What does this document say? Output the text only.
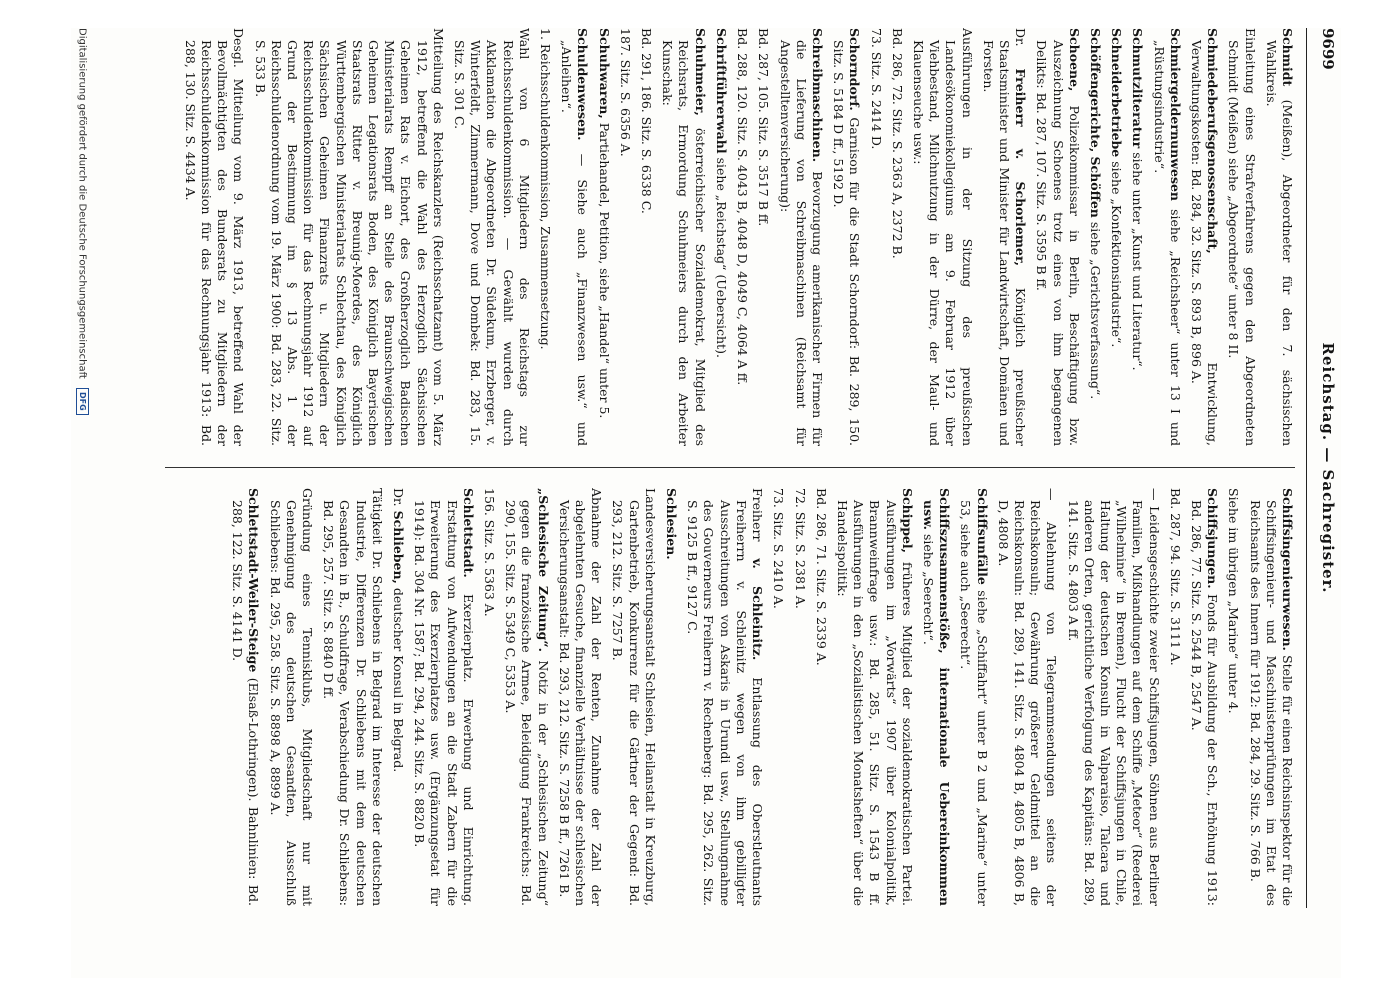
9699
Reichstag. — Sachregister.

Schmidt (Meißen), Abgeordneter für den 7. sächsischen Wahlkreis.

Einleitung eines Strafverfahrens gegen den Abgeordneten Schmidt (Meißen) siehe „Abgeordnete“ unter 8 II.

Schmiedeberufsgenossenschaft, Entwicklung, Verwaltungskosten: Bd. 284, 32. Sitz. S. 893 B, 896 A.

Schmiergeldernunwesen siehe „Reichsheer“ unter 13 I und „Rüstungsindustrie“.

Schmutzliteratur siehe unter „Kunst und Literatur“.

Schneiderbetriebe siehe „Konfektionsindustrie“.

Schöffengerichte, Schöffen siehe „Gerichtsverfassung“.

Schoene, Polizeikommissar in Berlin, Beschäftigung bzw. Auszeichnung Schoenes trotz eines von ihm begangenen Delikts: Bd. 287, 107. Sitz. S. 3595 B ff.

Dr. Freiherr v. Schorlemer, Königlich preußischer Staatsminister und Minister für Landwirtschaft, Domänen und Forsten.

Ausführungen in der Sitzung des preußischen Landesökonomiekollegiums am 9. Februar 1912 über Viehbestand, Milchnutzung in der Dürre, der Maul- und Klauenseuche usw.:

Bd. 286, 72. Sitz. S. 2363 A, 2372 B.

73. Sitz. S. 2414 D.

Schorndorf. Garnison für die Stadt Schorndorf: Bd. 289, 150. Sitz. S. 5184 D ff., 5192 D.

Schreibmaschinen. Bevorzugung amerikanischer Firmen für die Lieferung von Schreibmaschinen (Reichsamt für Angestelltenversicherung):

Bd. 287, 105. Sitz. S. 3517 B ff.

Bd. 288, 120. Sitz. S. 4043 B, 4048 D, 4049 C, 4064 A ff.

Schriftführerwahl siehe „Reichstag“ (Uebersicht).

Schuhmeier, österreichischer Sozialdemokrat, Mitglied des Reichsrats, Ermordung Schuhmeiers durch den Arbeiter Kunschak:

Bd. 291, 186. Sitz. S. 6338 C.

187. Sitz. S. 6356 A.

Schuhwaren, Partiehandel, Petition, siehe „Handel“ unter 5.

Schuldenwesen. — Siehe auch „Finanzwesen usw.“ und „Anleihen“.

1. Reichsschuldenkommission, Zusammensetzung.

Wahl von 6 Mitgliedern des Reichstags zur Reichsschuldenkommission. — Gewählt wurden durch Akklamation die Abgeordneten Dr. Südekum, Erzberger, v. Winterfeldt, Zimmermann, Dove und Dombek: Bd. 283, 15. Sitz. S. 301 C.

Mitteilung des Reichskanzlers (Reichsschatzamt) vom 5. März 1912, betreffend die Wahl des Herzoglich Sächsischen Geheimen Rats v. Eichort, des Großherzoglich Badischen Ministerialrats Rempff an Stelle des Braunschweigischen Geheimen Legationsrats Boden, des Königlich Bayerischen Staatsrats Ritter v. Breunig-Moerdes, des Königlich Württembergischen Ministerialrats Schlechtau, des Königlich Sächsischen Geheimen Finanzrats u. Mitgliedern der Reichsschuldenkommission für das Rechnungsjahr 1912 auf Grund der Bestimmung im § 13 Abs. 1 der Reichsschuldenordnung vom 19. März 1900: Bd. 283, 22. Sitz. S. 533 B.

Desgl. Mitteilung vom 9. März 1913, betreffend Wahl der Bevollmächtigten des Bundesrats zu Mitgliedern der Reichsschuldenkommission für das Rechnungsjahr 1913: Bd. 288, 130. Sitz. S. 4434 A.

Schiffsingenieurwesen. Stelle für einen Reichsinspektor für die Schiffsingenieur- und Maschinistenprüfungen im Etat des Reichsamts des Innern für 1912: Bd. 284, 29. Sitz. S. 766 B.

Siehe im übrigen „Marine“ unter 4.

Schiffsjungen. Fonds für Ausbildung der Sch., Erhöhung 1913: Bd. 286, 77. Sitz. S. 2544 B, 2547 A.

Bd. 287, 94. Sitz. S. 3111 A.

— Leidensgeschichte zweier Schiffsjungen, Söhnen aus Berliner Familien, Mißhandlungen auf dem Schiffe „Meteor“ (Reederei „Wilhelmine“ in Bremen), Flucht der Schiffsjungen in Chile, Haltung der deutschen Konsuln in Valparaiso, Talcara und anderen Orten, gerichtliche Verfolgung des Kapitäns: Bd. 289, 141. Sitz. S. 4803 A ff.

— Ablehnung von Telegrammsendungen seitens der Reichskonsuln; Gewährung größerer Geldmittel an die Reichskonsuln: Bd. 289, 141. Sitz. S. 4804 B, 4805 B, 4806 B, D, 4808 A.

Schiffsunfälle siehe „Schiffahrt“ unter B 2 und „Marine“ unter 53, siehe auch „Seerecht“.

Schiffszusammenstöße, internationale Uebereinkommen usw. siehe „Seerecht“.

Schippel, früheres Mitglied der sozialdemokratischen Partei. Ausführungen im „Vorwärts“ 1907 über Kolonialpolitik, Brannweinfrage usw.: Bd. 285, 51. Sitz. S. 1543 B ff. Ausführungen in den „Sozialistischen Monatsheften“ über die Handelspolitik:

Bd. 286, 71. Sitz. S. 2339 A.

72. Sitz. S. 2381 A.

73. Sitz. S. 2410 A.

Freiherr v. Schleinitz. Entlassung des Oberstleutnants Freiherrn v. Schleinitz wegen von ihm gebilligter Ausschreitungen von Askaris in Urundi usw., Stellungnahme des Gouverneurs Freiherrn v. Rechenberg: Bd. 295, 262. Sitz. S. 9125 B ff., 9127 C.

Schlesien.

Landesversicherungsanstalt Schlesien, Heilanstalt in Kreuzburg, Gartenbetrieb, Konkurrenz für die Gärtner der Gegend: Bd. 293, 212. Sitz. S. 7257 B.

Abnahme der Zahl der Renten, Zunahme der Zahl der abgelehnten Gesuche, finanzielle Verhältnisse der schlesischen Versicherungsanstalt: Bd. 293, 212. Sitz. S. 7258 B ff., 7261 B.

„Schlesische Zeitung“. Notiz in der „Schlesischen Zeitung“ gegen die französische Armee, Beleidigung Frankreichs: Bd. 290, 155. Sitz. S. 5349 C, 5353 A.

156. Sitz. S. 5363 A.

Schlettstadt. Exerzierplatz. Erwerbung und Einrichtung. Erstattung von Aufwendungen an die Stadt Zabern für die Erweiterung des Exerzierplatzes usw. (Ergänzungsetat für 1914): Bd. 304 Nr. 1587; Bd. 294, 244. Sitz. S. 8820 B.

Dr. Schlieben, deutscher Konsul in Belgrad.

Tätigkeit Dr. Schliebens in Belgrad im Interesse der deutschen Industrie, Differenzen Dr. Schliebens mit dem deutschen Gesandten in B., Schuldfrage, Verabschiedung Dr. Schliebens: Bd. 295, 257. Sitz. S. 8840 D ff.

Gründung eines Tennisklubs, Mitgliedschaft nur mit Genehmigung des deutschen Gesandten, Ausschluß Schliebens: Bd. 295, 258. Sitz. S. 8898 A, 8899 A.

Schlettstadt-Weiler-Steige (Elsaß-Lothringen). Bahnlinien: Bd. 288, 122. Sitz. S. 4141 D.

Digitalisierung gefördert durch die Deutsche Forschungsgemeinschaft DFG
